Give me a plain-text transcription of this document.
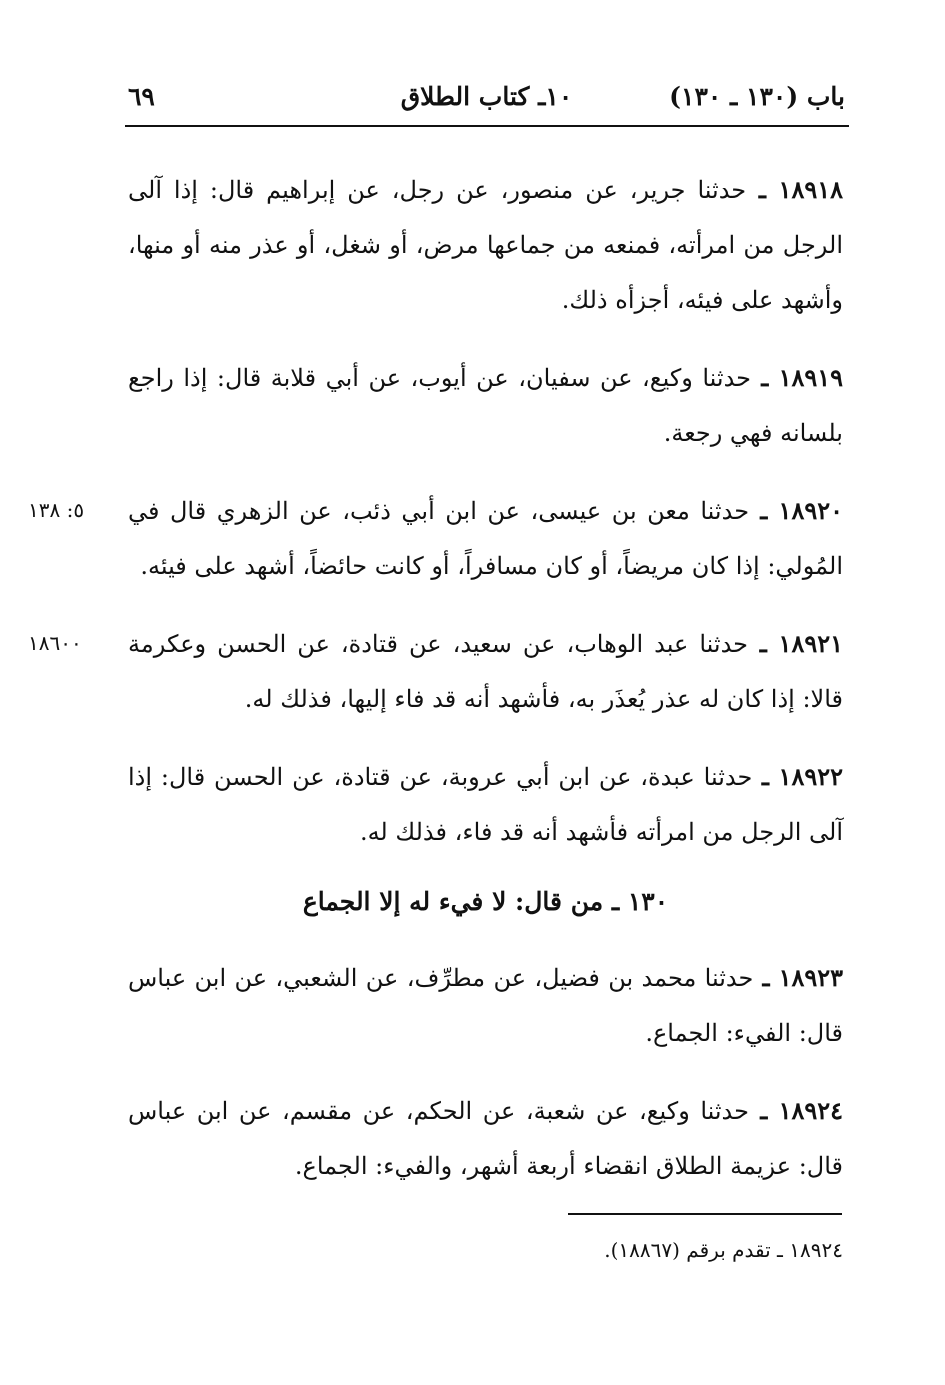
باب (١٣٠ ـ ١٣٠)
١٠ـ كتاب الطلاق
٦٩
١٨٩١٨ ـ حدثنا جرير، عن منصور، عن رجل، عن إبراهيم قال: إذا آلى الرجل من امرأته، فمنعه من جماعها مرض، أو شغل، أو عذر منه أو منها، وأشهد على فيئه، أجزأه ذلك.
١٨٩١٩ ـ حدثنا وكيع، عن سفيان، عن أيوب، عن أبي قلابة قال: إذا راجع بلسانه فهي رجعة.
٥: ١٣٨	١٨٩٢٠ ـ حدثنا معن بن عيسى، عن ابن أبي ذئب، عن الزهري قال في المُولي: إذا كان مريضاً، أو كان مسافراً، أو كانت حائضاً، أشهد على فيئه.
١٨٦٠٠	١٨٩٢١ ـ حدثنا عبد الوهاب، عن سعيد، عن قتادة، عن الحسن وعكرمة قالا: إذا كان له عذر يُعذَر به، فأشهد أنه قد فاء إليها، فذلك له.
١٨٩٢٢ ـ حدثنا عبدة، عن ابن أبي عروبة، عن قتادة، عن الحسن قال: إذا آلى الرجل من امرأته فأشهد أنه قد فاء، فذلك له.
١٣٠ ـ من قال: لا فيء له إلا الجماع
١٨٩٢٣ ـ حدثنا محمد بن فضيل، عن مطرِّف، عن الشعبي، عن ابن عباس قال: الفيء: الجماع.
١٨٩٢٤ ـ حدثنا وكيع، عن شعبة، عن الحكم، عن مقسم، عن ابن عباس قال: عزيمة الطلاق انقضاء أربعة أشهر، والفيء: الجماع.
١٨٩٢٤ ـ تقدم برقم (١٨٨٦٧).
